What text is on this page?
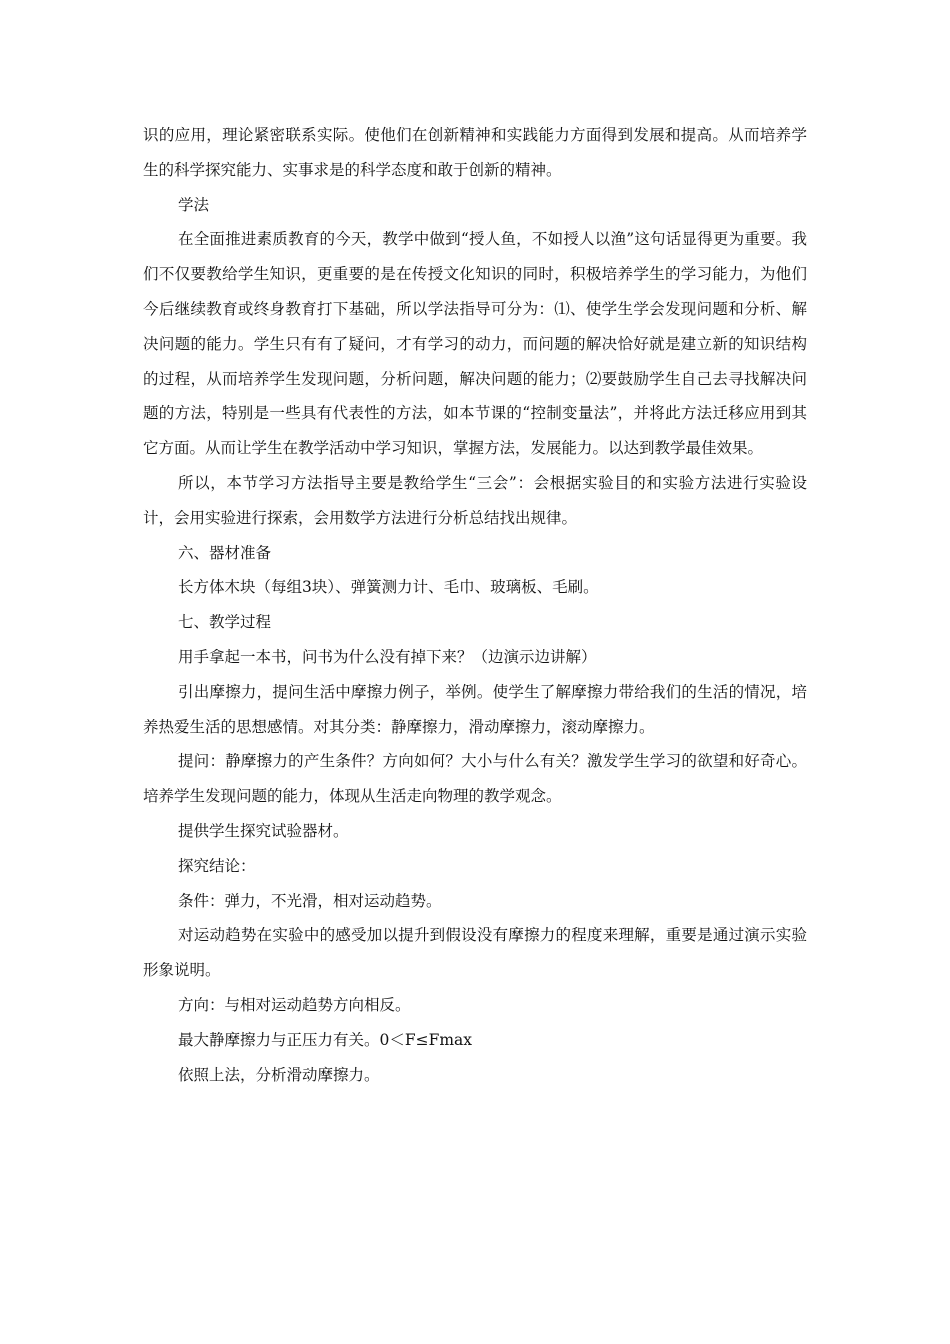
识的应用，理论紧密联系实际。使他们在创新精神和实践能力方面得到发展和提高。从而培养学生的科学探究能力、实事求是的科学态度和敢于创新的精神。

学法

在全面推进素质教育的今天，教学中做到“授人鱼，不如授人以渔”这句话显得更为重要。我们不仅要教给学生知识，更重要的是在传授文化知识的同时，积极培养学生的学习能力，为他们今后继续教育或终身教育打下基础，所以学法指导可分为：⑴、使学生学会发现问题和分析、解决问题的能力。学生只有有了疑问，才有学习的动力，而问题的解决恰好就是建立新的知识结构的过程，从而培养学生发现问题，分析问题，解决问题的能力；⑵要鼓励学生自己去寻找解决问题的方法，特别是一些具有代表性的方法，如本节课的“控制变量法”，并将此方法迁移应用到其它方面。从而让学生在教学活动中学习知识，掌握方法，发展能力。以达到教学最佳效果。

所以，本节学习方法指导主要是教给学生“三会”：会根据实验目的和实验方法进行实验设计，会用实验进行探索，会用数学方法进行分析总结找出规律。

六、器材准备

长方体木块（每组3块）、弹簧测力计、毛巾、玻璃板、毛刷。

七、教学过程

用手拿起一本书，问书为什么没有掉下来？（边演示边讲解）

引出摩擦力，提问生活中摩擦力例子，举例。使学生了解摩擦力带给我们的生活的情况，培养热爱生活的思想感情。对其分类：静摩擦力，滑动摩擦力，滚动摩擦力。

提问：静摩擦力的产生条件？方向如何？大小与什么有关？激发学生学习的欲望和好奇心。培养学生发现问题的能力，体现从生活走向物理的教学观念。

提供学生探究试验器材。

探究结论：

条件：弹力，不光滑，相对运动趋势。

对运动趋势在实验中的感受加以提升到假设没有摩擦力的程度来理解，重要是通过演示实验形象说明。

方向：与相对运动趋势方向相反。

最大静摩擦力与正压力有关。0＜F≤Fmax

依照上法，分析滑动摩擦力。
